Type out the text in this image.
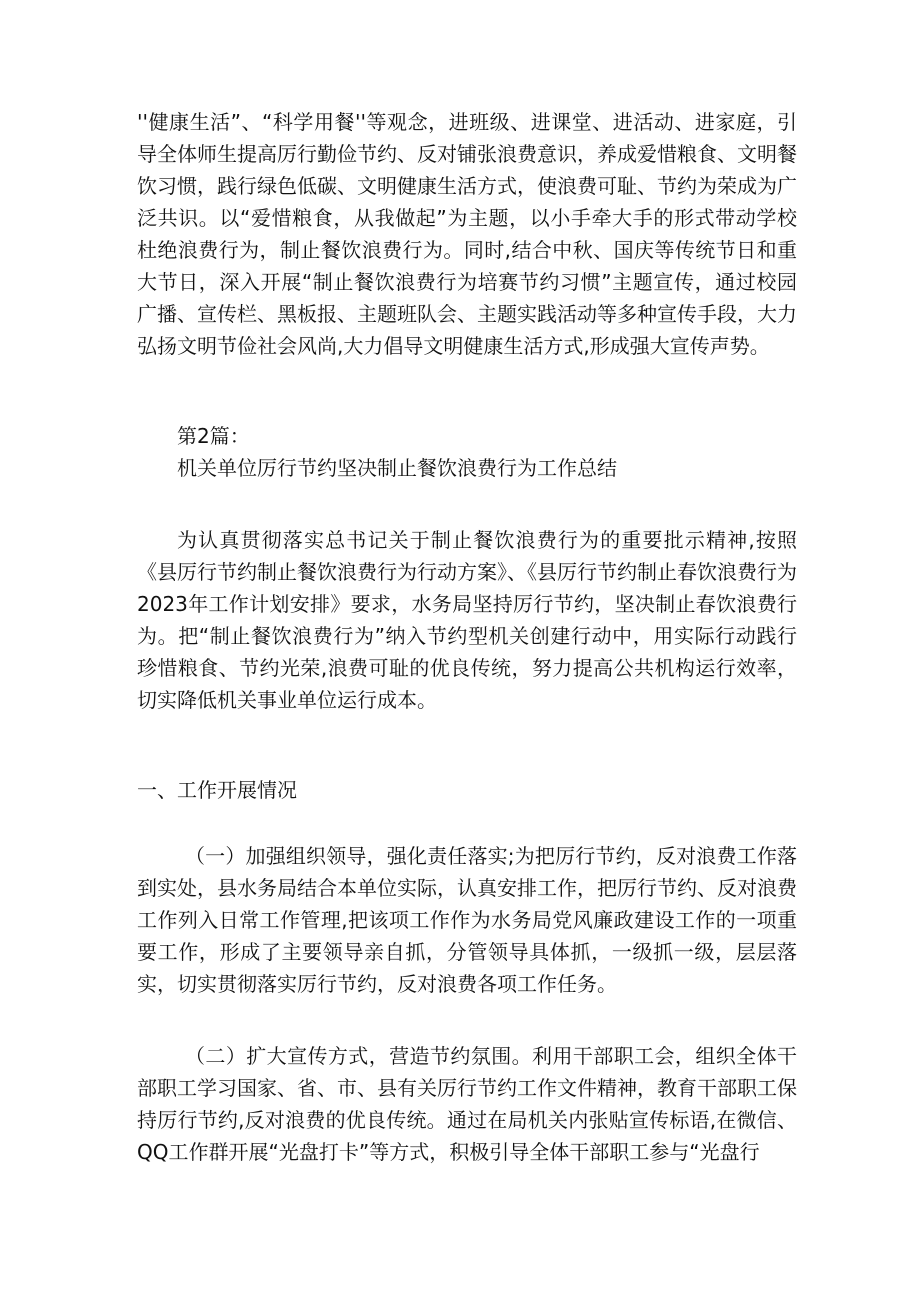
''健康生活”、“科学用餐''等观念，进班级、进课堂、进活动、进家庭，引导全体师生提高厉行勤俭节约、反对铺张浪费意识，养成爱惜粮食、文明餐饮习惯，践行绿色低碳、文明健康生活方式，使浪费可耻、节约为荣成为广泛共识。以“爱惜粮食，从我做起”为主题，以小手牵大手的形式带动学校杜绝浪费行为，制止餐饮浪费行为。同时,结合中秋、国庆等传统节日和重大节日，深入开展“制止餐饮浪费行为培赛节约习惯”主题宣传，通过校园广播、宣传栏、黑板报、主题班队会、主题实践活动等多种宣传手段，大力弘扬文明节俭社会风尚,大力倡导文明健康生活方式,形成强大宣传声势。

第2篇：

机关单位厉行节约坚决制止餐饮浪费行为工作总结

为认真贯彻落实总书记关于制止餐饮浪费行为的重要批示精神,按照《县厉行节约制止餐饮浪费行为行动方案》、《县厉行节约制止春饮浪费行为2023年工作计划安排》要求，水务局坚持厉行节约，坚决制止春饮浪费行为。把“制止餐饮浪费行为”纳入节约型机关创建行动中，用实际行动践行珍惜粮食、节约光荣,浪费可耻的优良传统，努力提高公共机构运行效率，切实降低机关事业单位运行成本。

一、工作开展情况

（一）加强组织领导，强化责任落实;为把厉行节约，反对浪费工作落到实处，县水务局结合本单位实际，认真安排工作，把厉行节约、反对浪费工作列入日常工作管理,把该项工作作为水务局党风廉政建设工作的一项重要工作，形成了主要领导亲自抓，分管领导具体抓，一级抓一级，层层落实，切实贯彻落实厉行节约，反对浪费各项工作任务。

（二）扩大宣传方式，营造节约氛围。利用干部职工会，组织全体干部职工学习国家、省、市、县有关厉行节约工作文件精神，教育干部职工保持厉行节约,反对浪费的优良传统。通过在局机关内张贴宣传标语,在微信、QQ工作群开展“光盘打卡”等方式，积极引导全体干部职工参与“光盘行
